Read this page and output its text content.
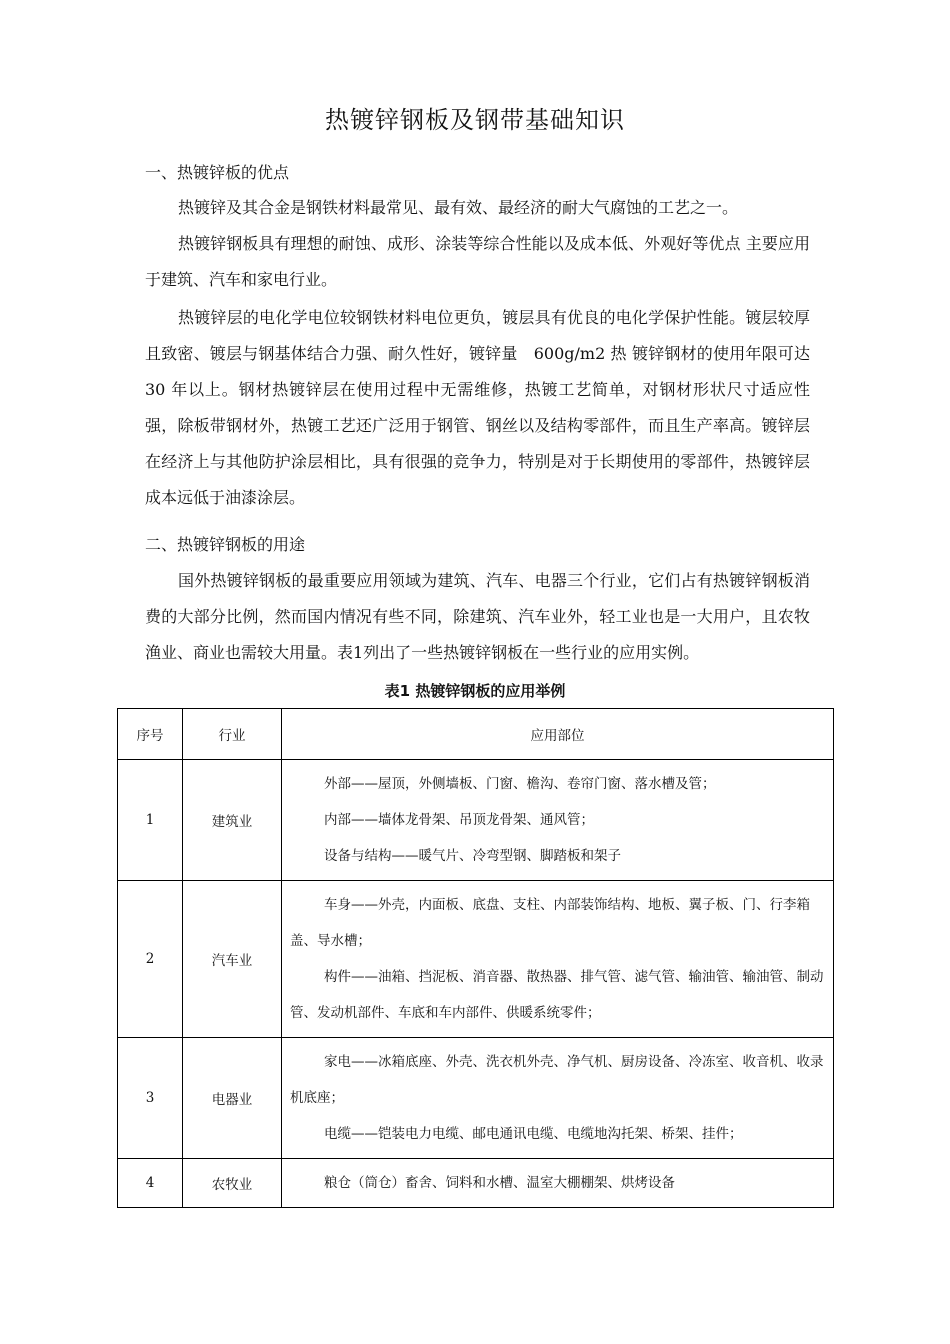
热镀锌钢板及钢带基础知识
一、热镀锌板的优点
热镀锌及其合金是钢铁材料最常见、最有效、最经济的耐大气腐蚀的工艺之一。
热镀锌钢板具有理想的耐蚀、成形、涂装等综合性能以及成本低、外观好等优点 主要应用于建筑、汽车和家电行业。
热镀锌层的电化学电位较钢铁材料电位更负，镀层具有优良的电化学保护性能。镀层较厚且致密、镀层与钢基体结合力强、耐久性好，镀锌量　600g/m2 热 镀锌钢材的使用年限可达 30 年以上。钢材热镀锌层在使用过程中无需维修，热镀工艺简单，对钢材形状尺寸适应性强，除板带钢材外，热镀工艺还广泛用于钢管、钢丝以及结构零部件，而且生产率高。镀锌层在经济上与其他防护涂层相比，具有很强的竞争力，特别是对于长期使用的零部件，热镀锌层成本远低于油漆涂层。
二、热镀锌钢板的用途
国外热镀锌钢板的最重要应用领域为建筑、汽车、电器三个行业，它们占有热镀锌钢板消费的大部分比例，然而国内情况有些不同，除建筑、汽车业外，轻工业也是一大用户，且农牧渔业、商业也需较大用量。表1列出了一些热镀锌钢板在一些行业的应用实例。
表1 热镀锌钢板的应用举例
序号	行业	应用部位
1	建筑业	外部——屋顶，外侧墙板、门窗、檐沟、卷帘门窗、落水槽及管；
内部——墙体龙骨架、吊顶龙骨架、通风管；
设备与结构——暖气片、冷弯型钢、脚踏板和架子

2	汽车业	车身——外壳，内面板、底盘、支柱、内部装饰结构、地板、翼子板、门、行李箱盖、导水槽；
构件——油箱、挡泥板、消音器、散热器、排气管、滤气管、输油管、输油管、制动管、发动机部件、车底和车内部件、供暖系统零件；

3	电器业	家电——冰箱底座、外壳、洗衣机外壳、净气机、厨房设备、冷冻室、收音机、收录机底座；
电缆——铠装电力电缆、邮电通讯电缆、电缆地沟托架、桥架、挂件；

4	农牧业	粮仓（筒仓）畜舍、饲料和水槽、温室大棚棚架、烘烤设备
